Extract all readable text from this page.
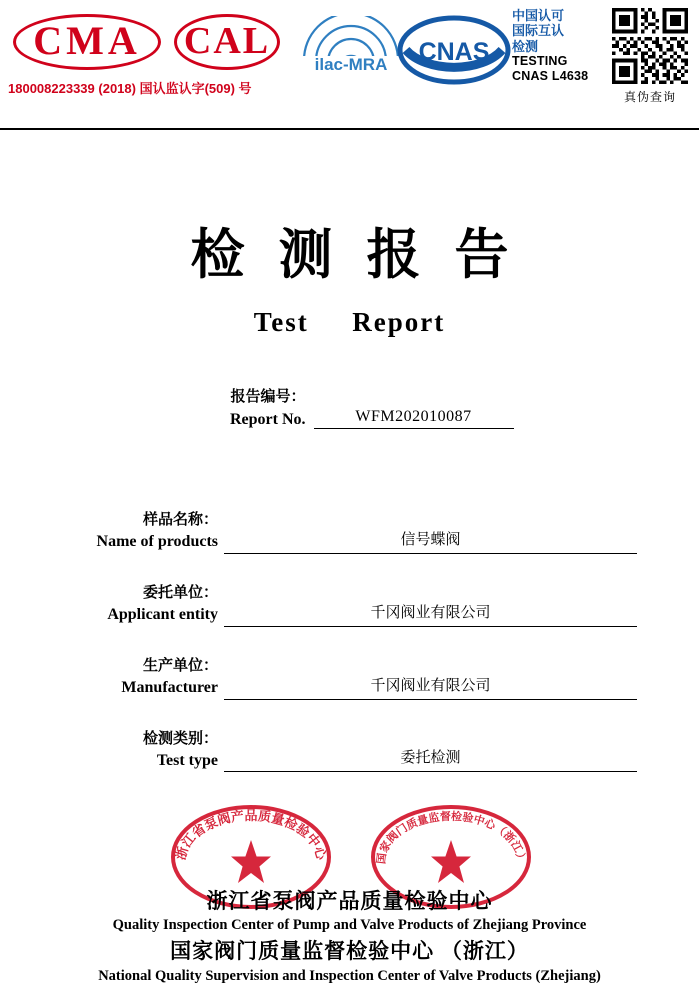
CMA
180008223339 (2018) 国认监认字(509) 号
CAL
ilac-MRA CNAS
中国认可
国际互认
检测
TESTING
CNAS L4638
真伪查询
检测报告
Test Report
报告编号：
Report No.	WFM202010087
样品名称：
Name of products	信号蝶阀
委托单位：
Applicant entity	千冈阀业有限公司
生产单位：
Manufacturer	千冈阀业有限公司
检测类别：
Test type	委托检测
浙江省泵阀产品质量检验中心	国家阀门质量监督检验中心（浙江）
浙江省泵阀产品质量检验中心
Quality Inspection Center of Pump and Valve Products of Zhejiang Province
国家阀门质量监督检验中心 （浙江）
National Quality Supervision and Inspection Center of Valve Products (Zhejiang)
